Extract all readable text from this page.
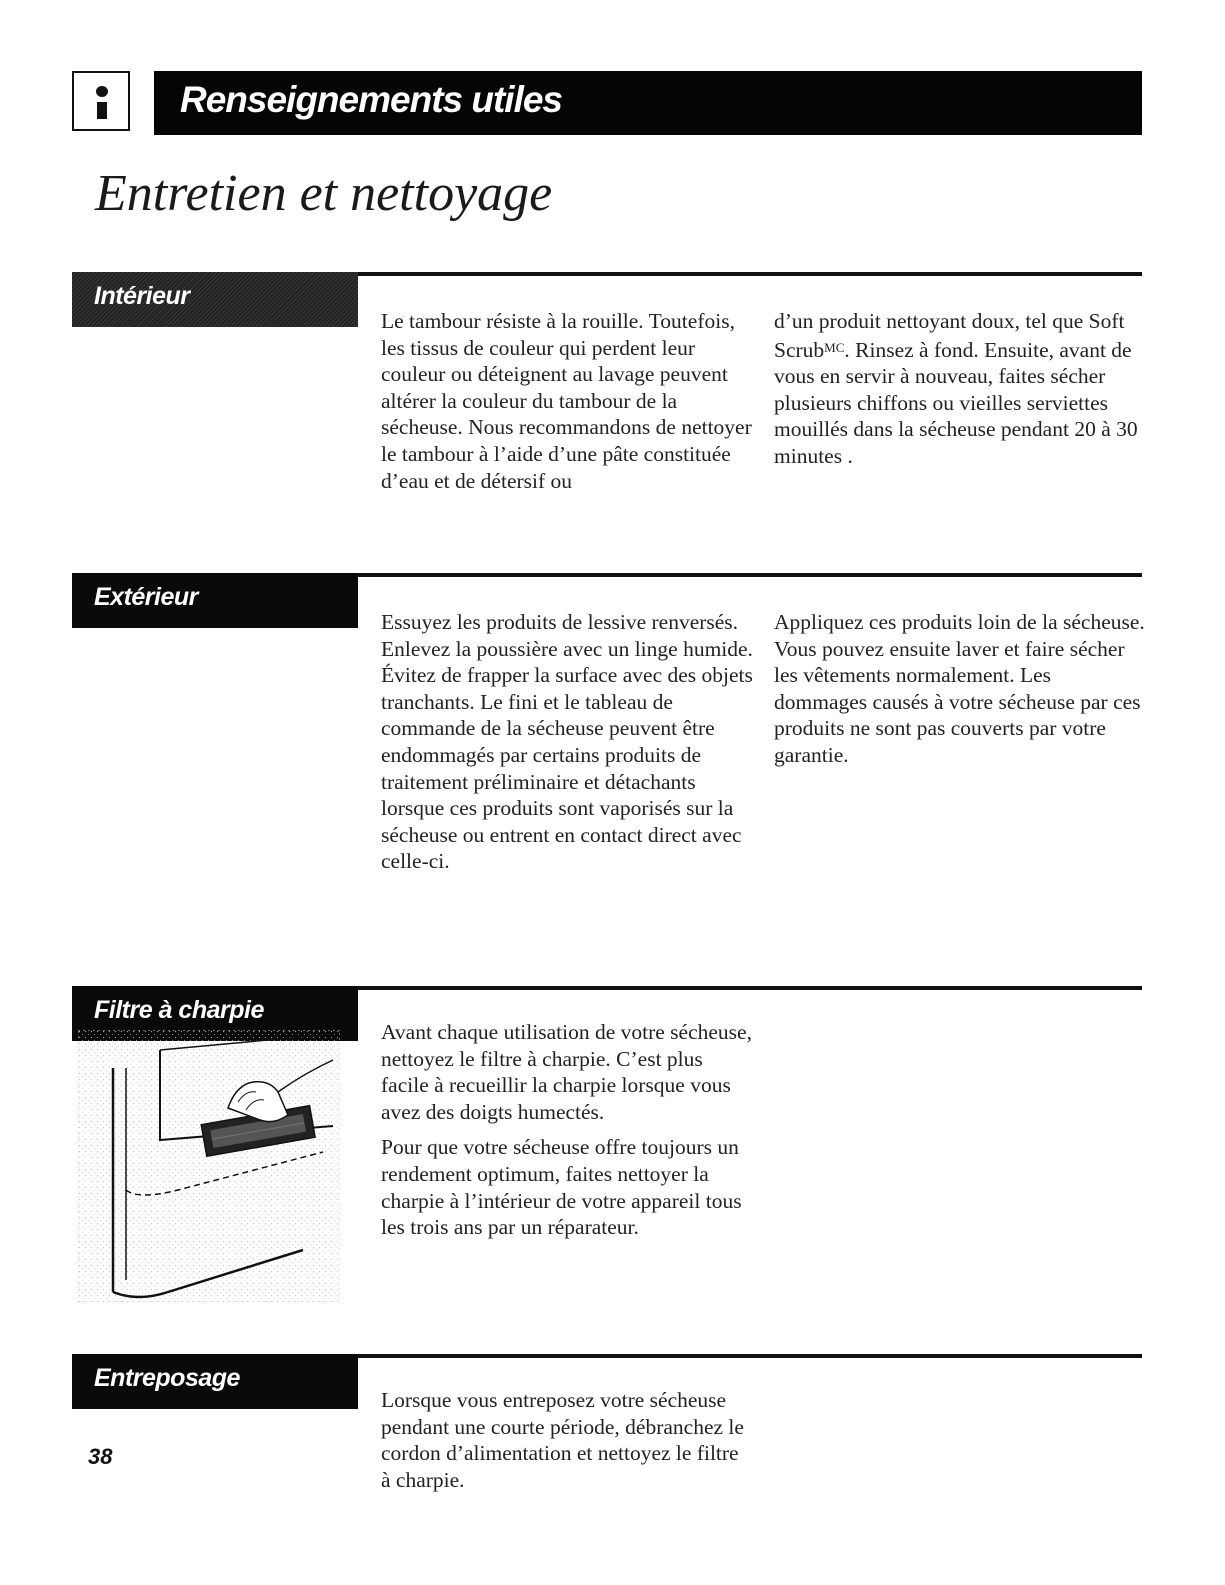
Renseignements utiles
Entretien et nettoyage
Intérieur

Le tambour résiste à la rouille. Toutefois, les tissus de couleur qui perdent leur couleur ou déteignent au lavage peuvent altérer la couleur du tambour de la sécheuse. Nous recommandons de nettoyer le tambour à l’aide d’une pâte constituée d’eau et de détersif ou

d’un produit nettoyant doux, tel que Soft Scrub$^{MC}$. Rinsez à fond. Ensuite, avant de vous en servir à nouveau, faites sécher plusieurs chiffons ou vieilles serviettes mouillés dans la sécheuse pendant 20 à 30 minutes .

Extérieur

Essuyez les produits de lessive renversés. Enlevez la poussière avec un linge humide. Évitez de frapper la surface avec des objets tranchants. Le fini et le tableau de commande de la sécheuse peuvent être endommagés par certains produits de traitement préliminaire et détachants lorsque ces produits sont vaporisés sur la sécheuse ou entrent en contact direct avec celle-ci.

Appliquez ces produits loin de la sécheuse. Vous pouvez ensuite laver et faire sécher les vêtements normalement. Les dommages causés à votre sécheuse par ces produits ne sont pas couverts par votre garantie.

Filtre à charpie

Avant chaque utilisation de votre sécheuse, nettoyez le filtre à charpie. C’est plus facile à recueillir la charpie lorsque vous avez des doigts humectés.

Pour que votre sécheuse offre toujours un rendement optimum, faites nettoyer la charpie à l’intérieur de votre appareil tous les trois ans par un réparateur.

Entreposage

Lorsque vous entreposez votre sécheuse pendant une courte période, débranchez le cordon d’alimentation et nettoyez le filtre à charpie.

38
